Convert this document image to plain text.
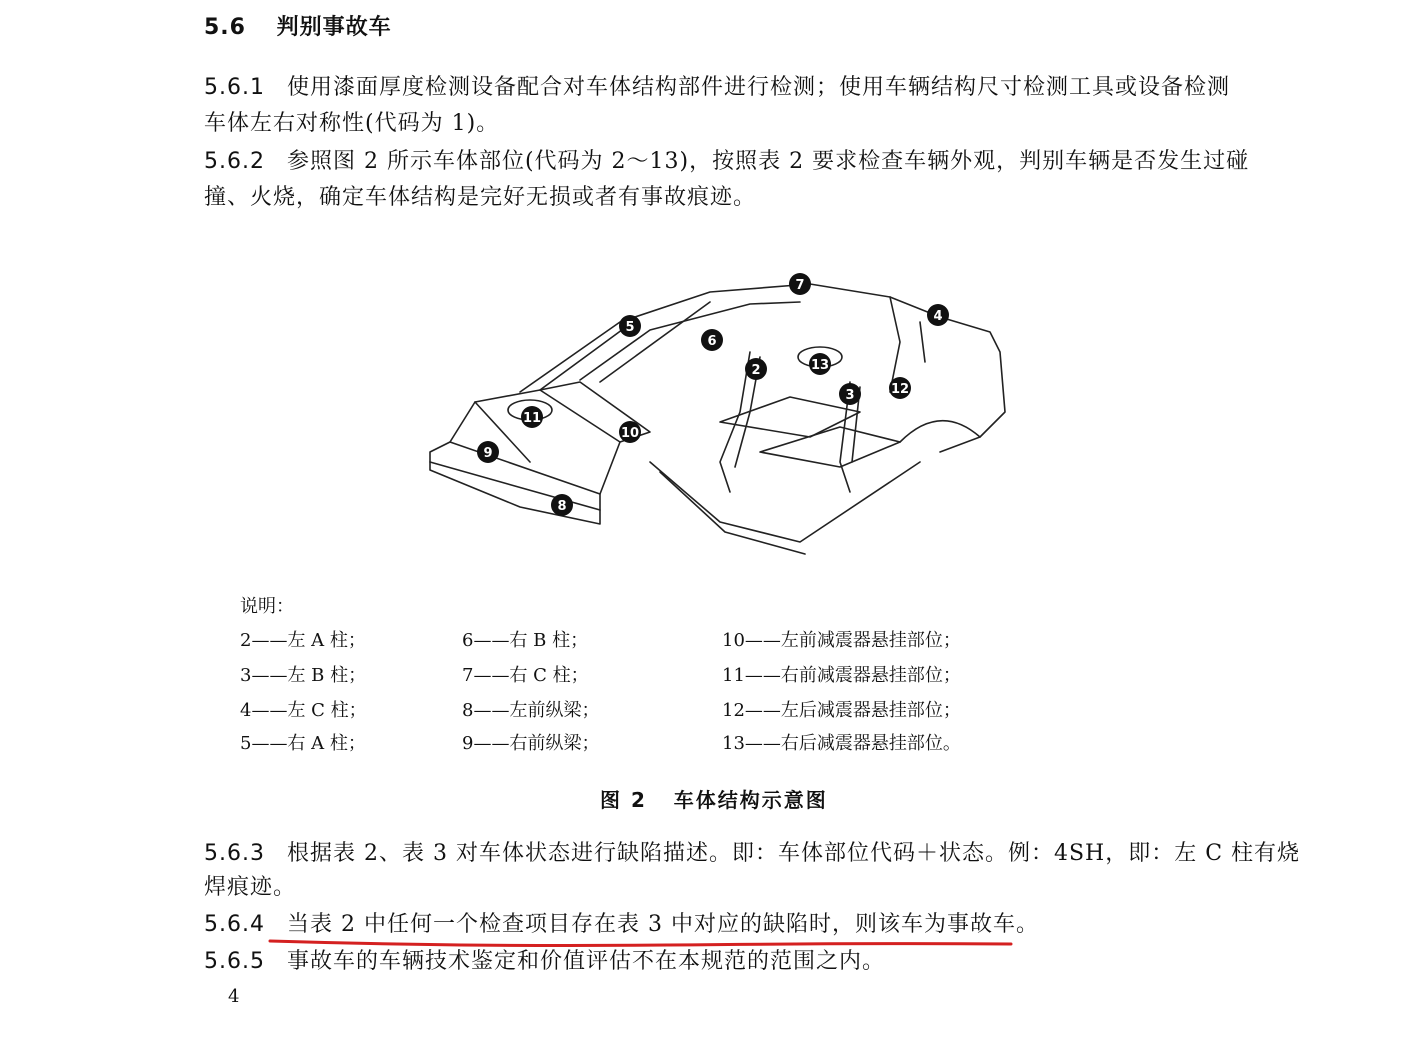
5.6 判别事故车
5.6.1 使用漆面厚度检测设备配合对车体结构部件进行检测；使用车辆结构尺寸检测工具或设备检测
车体左右对称性(代码为 1)。
5.6.2 参照图 2 所示车体部位(代码为 2～13)，按照表 2 要求检查车辆外观，判别车辆是否发生过碰
撞、火烧，确定车体结构是完好无损或者有事故痕迹。
7
4
5
6
2	13
3	12
11
10
9
8
说明：
2——左 A 柱；
3——左 B 柱；
4——左 C 柱；
5——右 A 柱；
6——右 B 柱；
7——右 C 柱；
8——左前纵梁；
9——右前纵梁；
10——左前减震器悬挂部位；
11——右前减震器悬挂部位；
12——左后减震器悬挂部位；
13——右后减震器悬挂部位。
图 2   车体结构示意图
5.6.3 根据表 2、表 3 对车体状态进行缺陷描述。即：车体部位代码＋状态。例：4SH，即：左 C 柱有烧
焊痕迹。
5.6.4 当表 2 中任何一个检查项目存在表 3 中对应的缺陷时，则该车为事故车。
5.6.5 事故车的车辆技术鉴定和价值评估不在本规范的范围之内。
4
